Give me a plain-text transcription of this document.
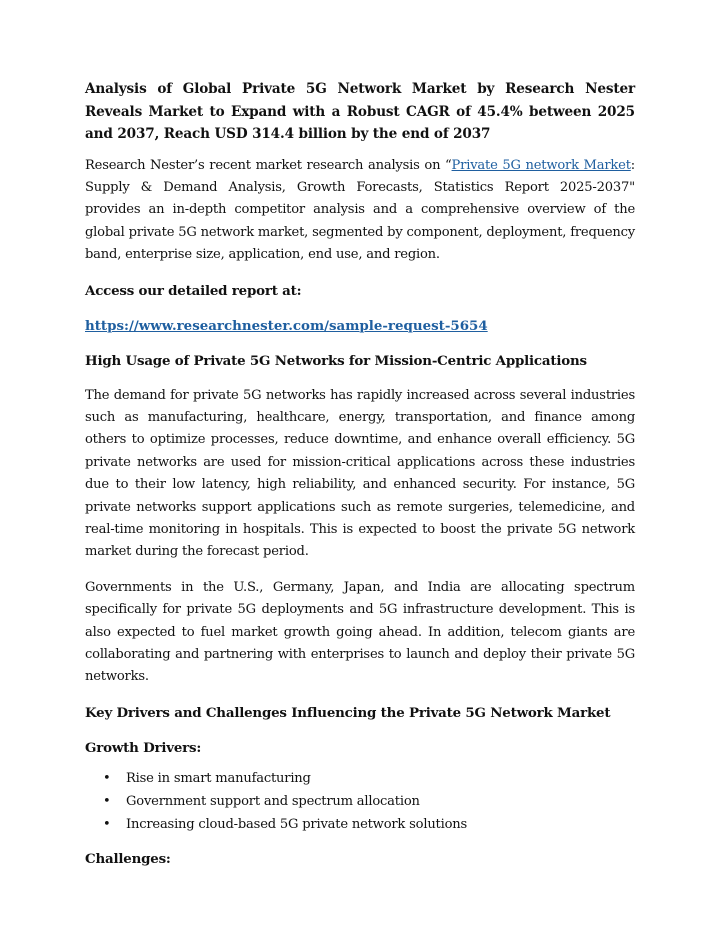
Analysis of Global Private 5G Network Market by Research Nester Reveals Market to Expand with a Robust CAGR of 45.4% between 2025 and 2037, Reach USD 314.4 billion by the end of 2037

Research Nester’s recent market research analysis on “Private 5G network Market: Supply & Demand Analysis, Growth Forecasts, Statistics Report 2025-2037" provides an in-depth competitor analysis and a comprehensive overview of the global private 5G network market, segmented by component, deployment, frequency band, enterprise size, application, end use, and region.

Access our detailed report at:
https://www.researchnester.com/sample-request-5654
High Usage of Private 5G Networks for Mission-Centric Applications

The demand for private 5G networks has rapidly increased across several industries such as manufacturing, healthcare, energy, transportation, and finance among others to optimize processes, reduce downtime, and enhance overall efficiency. 5G private networks are used for mission-critical applications across these industries due to their low latency, high reliability, and enhanced security. For instance, 5G private networks support applications such as remote surgeries, telemedicine, and real-time monitoring in hospitals. This is expected to boost the private 5G network market during the forecast period.

Governments in the U.S., Germany, Japan, and India are allocating spectrum specifically for private 5G deployments and 5G infrastructure development. This is also expected to fuel market growth going ahead. In addition, telecom giants are collaborating and partnering with enterprises to launch and deploy their private 5G networks.

Key Drivers and Challenges Influencing the Private 5G Network Market
Growth Drivers:
• Rise in smart manufacturing
• Government support and spectrum allocation
• Increasing cloud-based 5G private network solutions
Challenges:
